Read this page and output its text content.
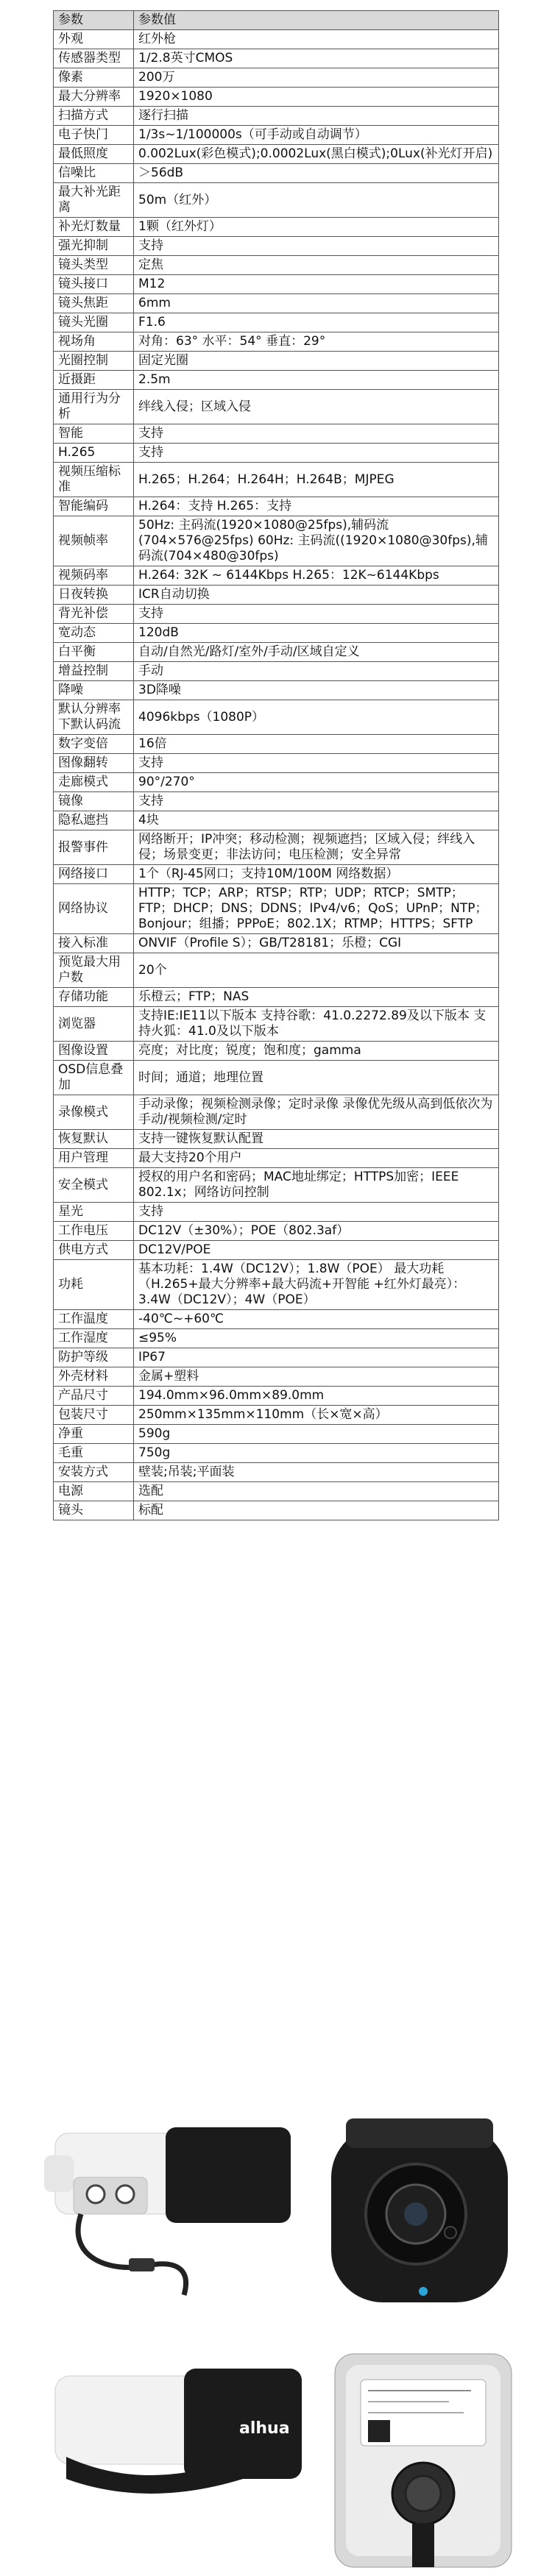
参数	参数值
外观	红外枪
传感器类型	1/2.8英寸CMOS
像素	200万
最大分辨率	1920×1080
扫描方式	逐行扫描
电子快门	1/3s~1/100000s（可手动或自动调节）
最低照度	0.002Lux(彩色模式);0.0002Lux(黑白模式);0Lux(补光灯开启)
信噪比	＞56dB
最大补光距离	50m（红外）
补光灯数量	1颗（红外灯）
强光抑制	支持
镜头类型	定焦
镜头接口	M12
镜头焦距	6mm
镜头光圈	F1.6
视场角	对角：63° 水平：54° 垂直：29°
光圈控制	固定光圈
近摄距	2.5m
通用行为分析	绊线入侵；区域入侵
智能	支持
H.265	支持
视频压缩标准	H.265；H.264；H.264H；H.264B；MJPEG
智能编码	H.264：支持 H.265：支持
视频帧率	50Hz: 主码流(1920×1080@25fps),辅码流(704×576@25fps) 60Hz: 主码流((1920×1080@30fps),辅码流(704×480@30fps)
视频码率	H.264: 32K ~ 6144Kbps H.265：12K~6144Kbps
日夜转换	ICR自动切换
背光补偿	支持
宽动态	120dB
白平衡	自动/自然光/路灯/室外/手动/区域自定义
增益控制	手动
降噪	3D降噪
默认分辨率下默认码流	4096kbps（1080P）
数字变倍	16倍
图像翻转	支持
走廊模式	90°/270°
镜像	支持
隐私遮挡	4块
报警事件	网络断开；IP冲突；移动检测；视频遮挡；区域入侵；绊线入侵；场景变更；非法访问；电压检测；安全异常
网络接口	1个（RJ-45网口；支持10M/100M 网络数据）
网络协议	HTTP；TCP；ARP；RTSP；RTP；UDP；RTCP；SMTP；FTP；DHCP；DNS；DDNS；IPv4/v6；QoS；UPnP；NTP；Bonjour；组播；PPPoE；802.1X；RTMP；HTTPS；SFTP
接入标准	ONVIF（Profile S）；GB/T28181；乐橙；CGI
预览最大用户数	20个
存储功能	乐橙云；FTP；NAS
浏览器	支持IE:IE11以下版本 支持谷歌：41.0.2272.89及以下版本 支持火狐：41.0及以下版本
图像设置	亮度；对比度；锐度；饱和度；gamma
OSD信息叠加	时间；通道；地理位置
录像模式	手动录像；视频检测录像；定时录像 录像优先级从高到低依次为手动/视频检测/定时
恢复默认	支持一键恢复默认配置
用户管理	最大支持20个用户
安全模式	授权的用户名和密码；MAC地址绑定；HTTPS加密；IEEE 802.1x；网络访问控制
星光	支持
工作电压	DC12V（±30%）；POE（802.3af）
供电方式	DC12V/POE
功耗	基本功耗：1.4W（DC12V）；1.8W（POE） 最大功耗（H.265+最大分辨率+最大码流+开智能 +红外灯最亮）：3.4W（DC12V）；4W（POE）
工作温度	-40℃~+60℃
工作湿度	≤95%
防护等级	IP67
外壳材料	金属+塑料
产品尺寸	194.0mm×96.0mm×89.0mm
包装尺寸	250mm×135mm×110mm（长×宽×高）
净重	590g
毛重	750g
安装方式	壁装;吊装;平面装
电源	选配
镜头	标配
alhua
